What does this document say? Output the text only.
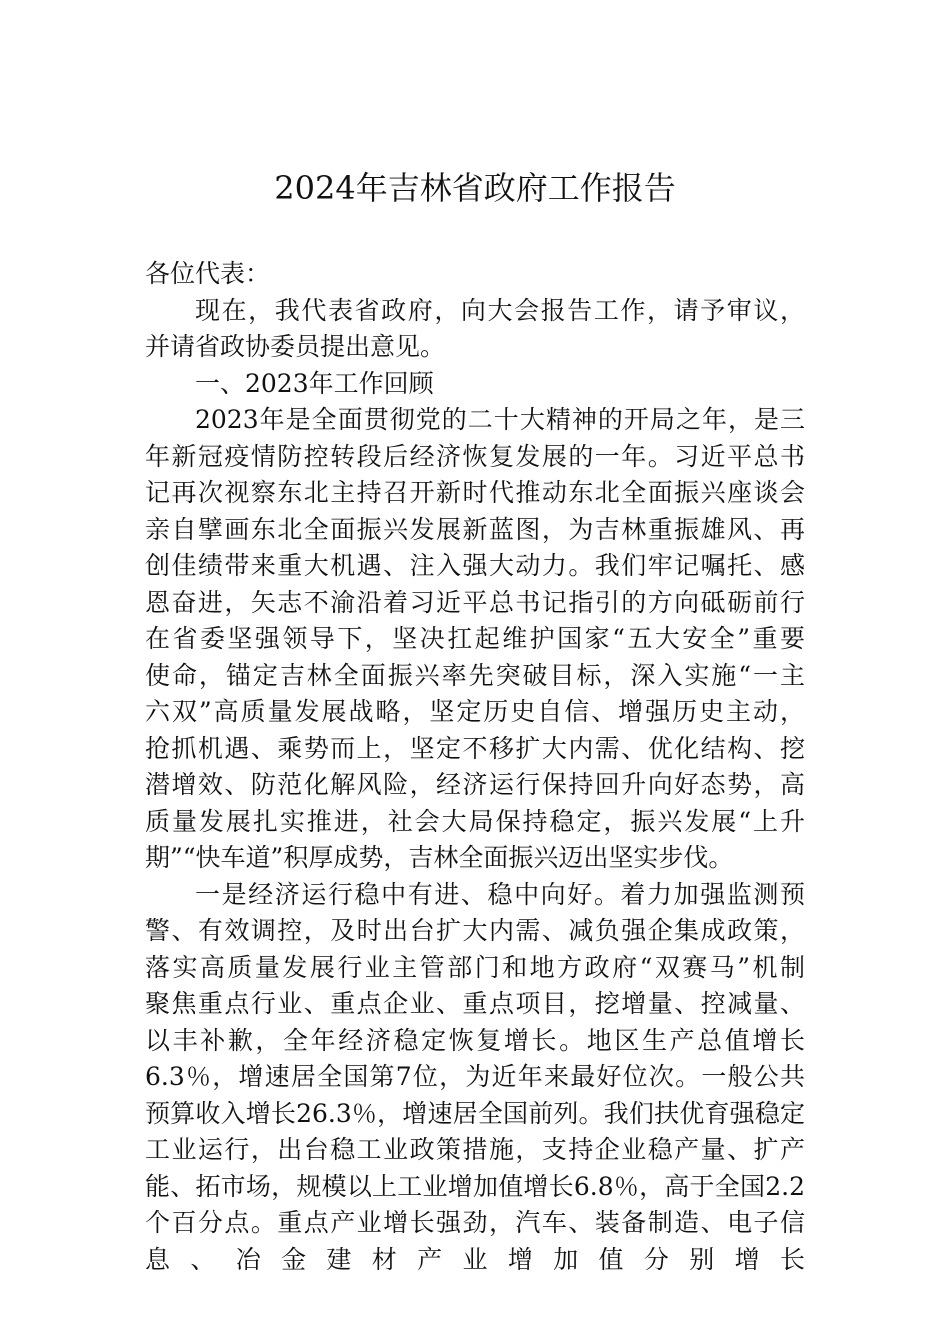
2024年吉林省政府工作报告
各位代表：
现在，我代表省政府，向大会报告工作，请予审议，
并请省政协委员提出意见。
一、2023年工作回顾
2023年是全面贯彻党的二十大精神的开局之年，是三
年新冠疫情防控转段后经济恢复发展的一年。习近平总书
记再次视察东北主持召开新时代推动东北全面振兴座谈会
亲自擘画东北全面振兴发展新蓝图，为吉林重振雄风、再
创佳绩带来重大机遇、注入强大动力。我们牢记嘱托、感
恩奋进，矢志不渝沿着习近平总书记指引的方向砥砺前行
在省委坚强领导下，坚决扛起维护国家“五大安全”重要
使命，锚定吉林全面振兴率先突破目标，深入实施“一主
六双”高质量发展战略，坚定历史自信、增强历史主动，
抢抓机遇、乘势而上，坚定不移扩大内需、优化结构、挖
潜增效、防范化解风险，经济运行保持回升向好态势，高
质量发展扎实推进，社会大局保持稳定，振兴发展“上升
期”“快车道”积厚成势，吉林全面振兴迈出坚实步伐。
一是经济运行稳中有进、稳中向好。着力加强监测预
警、有效调控，及时出台扩大内需、减负强企集成政策，
落实高质量发展行业主管部门和地方政府“双赛马”机制
聚焦重点行业、重点企业、重点项目，挖增量、控减量、
以丰补歉，全年经济稳定恢复增长。地区生产总值增长
6.3％，增速居全国第7位，为近年来最好位次。一般公共
预算收入增长26.3％，增速居全国前列。我们扶优育强稳定
工业运行，出台稳工业政策措施，支持企业稳产量、扩产
能、拓市场，规模以上工业增加值增长6.8％，高于全国2.2
个百分点。重点产业增长强劲，汽车、装备制造、电子信
息、冶金建材产业增加值分别增长
